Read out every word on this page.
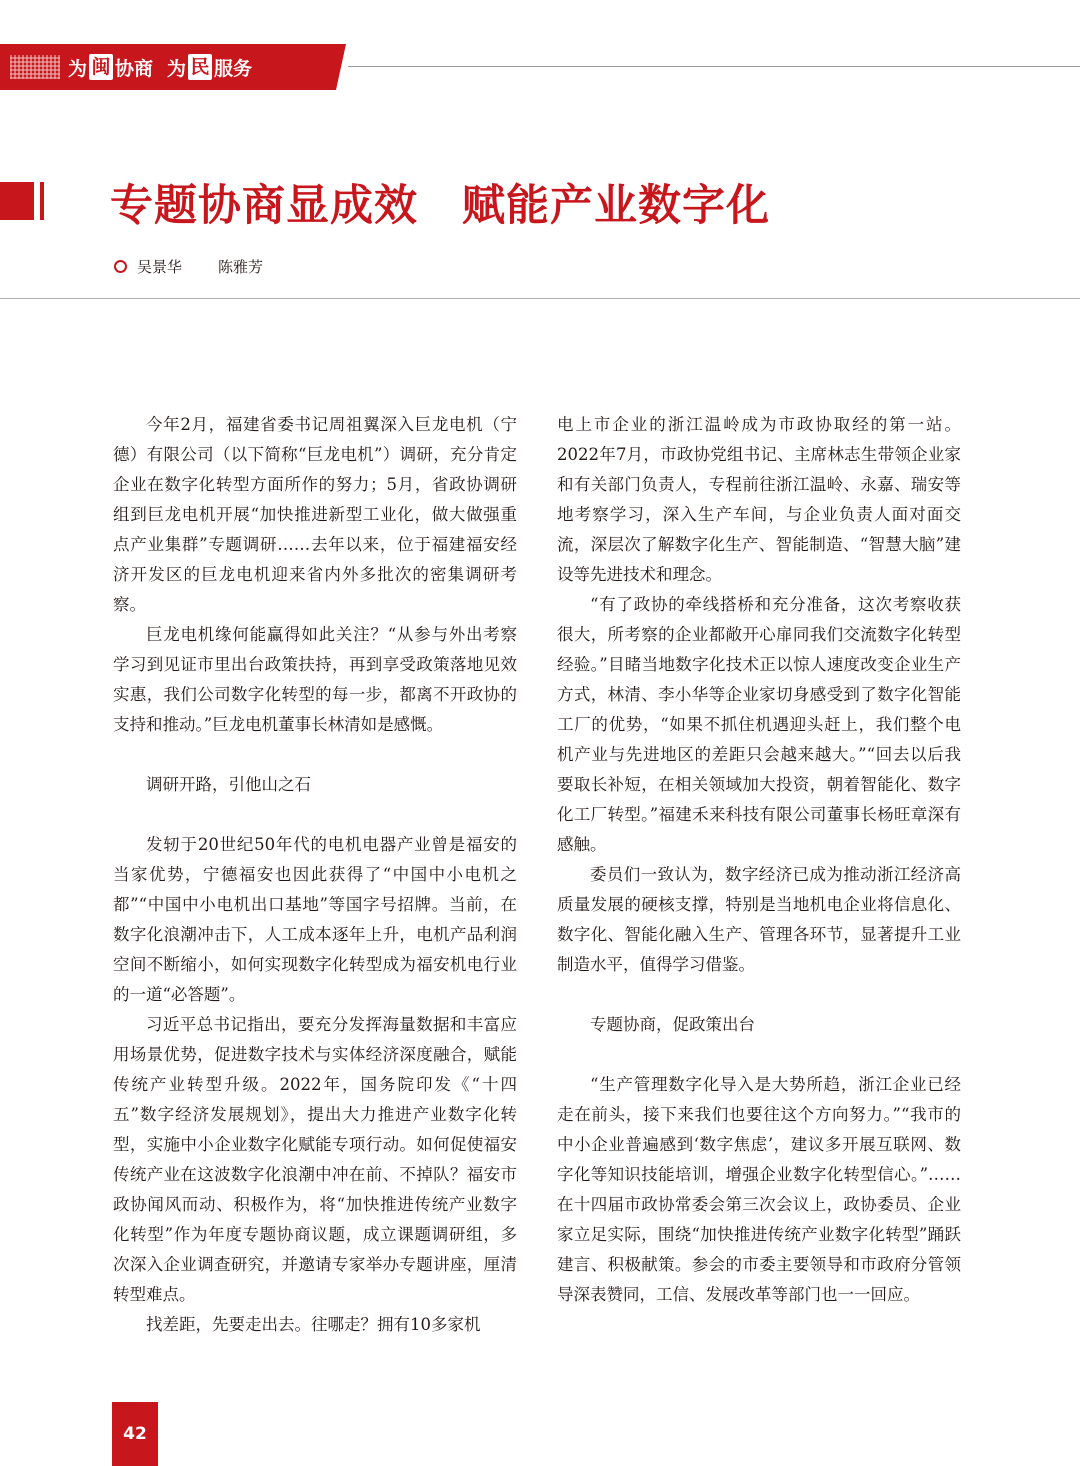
为 闽 协商 为 民 服务
专题协商显成效　赋能产业数字化
吴景华 陈雅芳

今年2月，福建省委书记周祖翼深入巨龙电机（宁德）有限公司（以下简称“巨龙电机”）调研，充分肯定企业在数字化转型方面所作的努力；5月，省政协调研组到巨龙电机开展“加快推进新型工业化，做大做强重点产业集群”专题调研……去年以来，位于福建福安经济开发区的巨龙电机迎来省内外多批次的密集调研考察。

巨龙电机缘何能赢得如此关注？“从参与外出考察学习到见证市里出台政策扶持，再到享受政策落地见效实惠，我们公司数字化转型的每一步，都离不开政协的支持和推动。”巨龙电机董事长林清如是感慨。

调研开路，引他山之石

发轫于20世纪50年代的电机电器产业曾是福安的当家优势，宁德福安也因此获得了“中国中小电机之都”“中国中小电机出口基地”等国字号招牌。当前，在数字化浪潮冲击下，人工成本逐年上升，电机产品利润空间不断缩小，如何实现数字化转型成为福安机电行业的一道“必答题”。

习近平总书记指出，要充分发挥海量数据和丰富应用场景优势，促进数字技术与实体经济深度融合，赋能传统产业转型升级。2022年，国务院印发《“十四五”数字经济发展规划》，提出大力推进产业数字化转型，实施中小企业数字化赋能专项行动。如何促使福安传统产业在这波数字化浪潮中冲在前、不掉队？福安市政协闻风而动、积极作为，将“加快推进传统产业数字化转型”作为年度专题协商议题，成立课题调研组，多次深入企业调查研究，并邀请专家举办专题讲座，厘清转型难点。

找差距，先要走出去。往哪走？拥有10多家机

电上市企业的浙江温岭成为市政协取经的第一站。2022年7月，市政协党组书记、主席林志生带领企业家和有关部门负责人，专程前往浙江温岭、永嘉、瑞安等地考察学习，深入生产车间，与企业负责人面对面交流，深层次了解数字化生产、智能制造、“智慧大脑”建设等先进技术和理念。

“有了政协的牵线搭桥和充分准备，这次考察收获很大，所考察的企业都敞开心扉同我们交流数字化转型经验。”目睹当地数字化技术正以惊人速度改变企业生产方式，林清、李小华等企业家切身感受到了数字化智能工厂的优势，“如果不抓住机遇迎头赶上，我们整个电机产业与先进地区的差距只会越来越大。”“回去以后我要取长补短，在相关领域加大投资，朝着智能化、数字化工厂转型。”福建禾来科技有限公司董事长杨旺章深有感触。

委员们一致认为，数字经济已成为推动浙江经济高质量发展的硬核支撑，特别是当地机电企业将信息化、数字化、智能化融入生产、管理各环节，显著提升工业制造水平，值得学习借鉴。

专题协商，促政策出台

“生产管理数字化导入是大势所趋，浙江企业已经走在前头，接下来我们也要往这个方向努力。”“我市的中小企业普遍感到‘数字焦虑’，建议多开展互联网、数字化等知识技能培训，增强企业数字化转型信心。”……在十四届市政协常委会第三次会议上，政协委员、企业家立足实际，围绕“加快推进传统产业数字化转型”踊跃建言、积极献策。参会的市委主要领导和市政府分管领导深表赞同，工信、发展改革等部门也一一回应。

42
